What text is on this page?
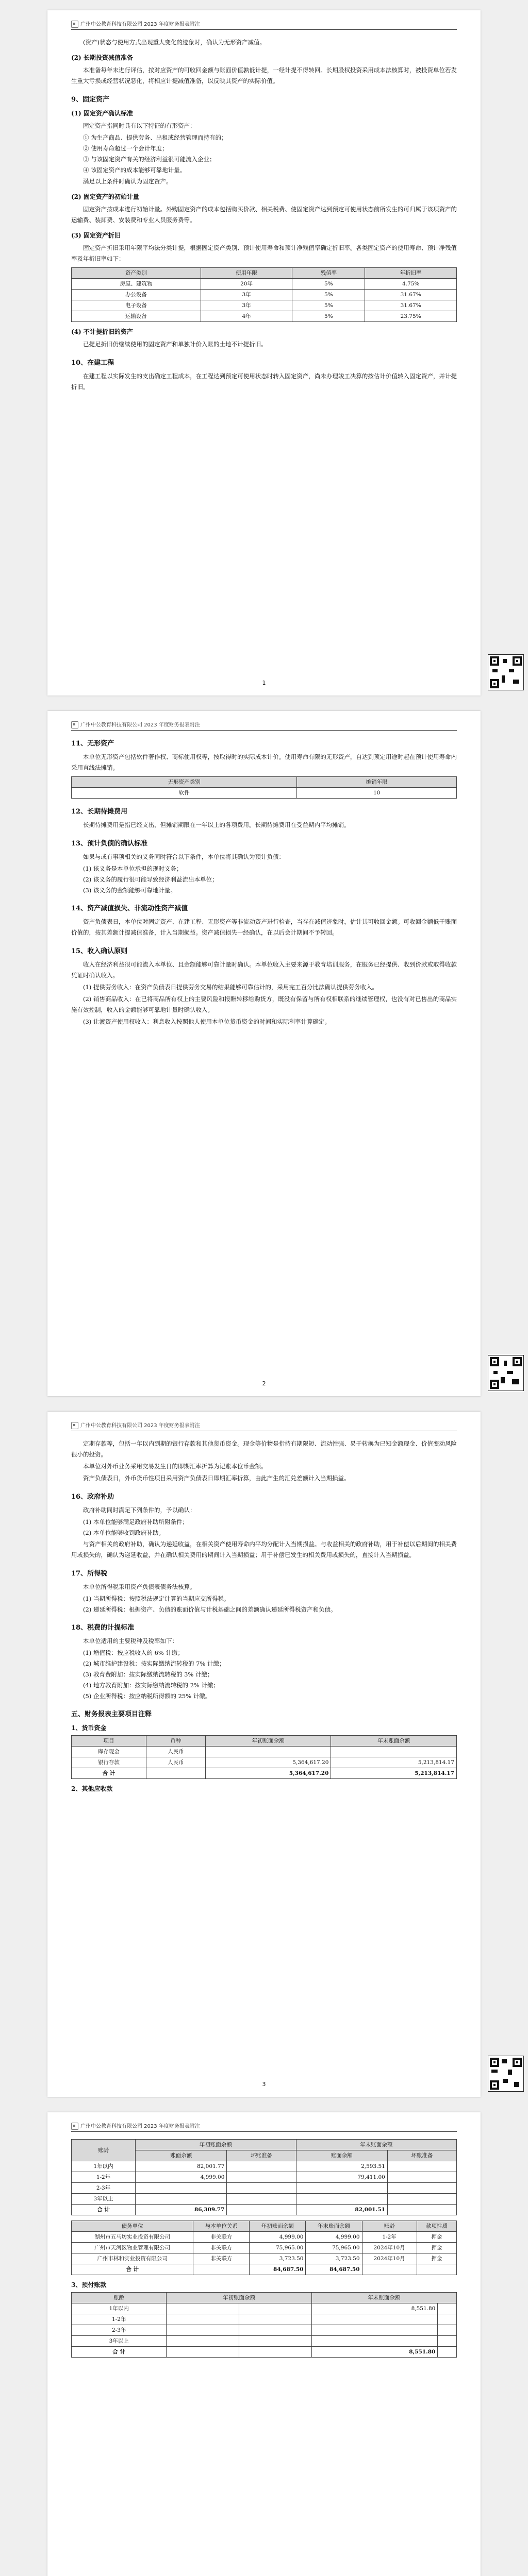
广州中公教育科技有限公司 2023 年度财务报表附注

(资产)状态与使用方式出现重大变化的迹象时，确认为无形资产减值。

(2) 长期投资减值准备

本准备每年末进行评估，按对应资产的可收回金额与账面价值孰低计提，一经计提不得转回。长期股权投资采用成本法核算时，被投资单位若发生重大亏损或经营状况恶化，将相应计提减值准备，以反映其资产的实际价值。

9、固定资产
(1) 固定资产确认标准

固定资产指同时具有以下特征的有形资产：

① 为生产商品、提供劳务、出租或经营管理而持有的；

② 使用寿命超过一个会计年度；

③ 与该固定资产有关的经济利益很可能流入企业；

④ 该固定资产的成本能够可靠地计量。

满足以上条件时确认为固定资产。

(2) 固定资产的初始计量

固定资产按成本进行初始计量。外购固定资产的成本包括购买价款、相关税费、使固定资产达到预定可使用状态前所发生的可归属于该项资产的运输费、装卸费、安装费和专业人员服务费等。

(3) 固定资产折旧

固定资产折旧采用年限平均法分类计提，根据固定资产类别、预计使用寿命和预计净残值率确定折旧率。各类固定资产的使用寿命、预计净残值率及年折旧率如下：

资产类别	使用年限	残值率	年折旧率
房屋、建筑物	20年	5%	4.75%
办公设备	3年	5%	31.67%
电子设备	3年	5%	31.67%
运输设备	4年	5%	23.75%
(4) 不计提折旧的资产

已提足折旧仍继续使用的固定资产和单独计价入账的土地不计提折旧。

10、在建工程

在建工程以实际发生的支出确定工程成本，在工程达到预定可使用状态时转入固定资产，尚未办理竣工决算的按估计价值转入固定资产，并计提折旧。

1
广州中公教育科技有限公司 2023 年度财务报表附注
11、无形资产

本单位无形资产包括软件著作权、商标使用权等，按取得时的实际成本计价。使用寿命有限的无形资产，自达到预定用途时起在预计使用寿命内采用直线法摊销。

无形资产类别	摊销年限
软件	10
12、长期待摊费用

长期待摊费用是指已经支出，但摊销期限在一年以上的各项费用。长期待摊费用在受益期内平均摊销。

13、预计负债的确认标准

如果与或有事项相关的义务同时符合以下条件，本单位将其确认为预计负债：

(1) 该义务是本单位承担的现时义务；

(2) 该义务的履行很可能导致经济利益流出本单位；

(3) 该义务的金额能够可靠地计量。

14、资产减值损失、非流动性资产减值

资产负债表日，本单位对固定资产、在建工程、无形资产等非流动资产进行检查，当存在减值迹象时，估计其可收回金额。可收回金额低于账面价值的，按其差额计提减值准备，计入当期损益。资产减值损失一经确认，在以后会计期间不予转回。

15、收入确认原则

收入在经济利益很可能流入本单位、且金额能够可靠计量时确认。本单位收入主要来源于教育培训服务，在服务已经提供、收到价款或取得收款凭证时确认收入。

(1) 提供劳务收入：在资产负债表日提供劳务交易的结果能够可靠估计的，采用完工百分比法确认提供劳务收入。

(2) 销售商品收入：在已将商品所有权上的主要风险和报酬转移给购货方，既没有保留与所有权相联系的继续管理权，也没有对已售出的商品实施有效控制，收入的金额能够可靠地计量时确认收入。

(3) 让渡资产使用权收入：利息收入按照他人使用本单位货币资金的时间和实际利率计算确定。

2
广州中公教育科技有限公司 2023 年度财务报表附注

定期存款等，包括一年以内到期的银行存款和其他货币资金。现金等价物是指持有期限短、流动性强、易于转换为已知金额现金、价值变动风险很小的投资。

本单位对外币业务采用交易发生日的即期汇率折算为记账本位币金额。

资产负债表日，外币货币性项目采用资产负债表日即期汇率折算，由此产生的汇兑差额计入当期损益。

16、政府补助

政府补助同时满足下列条件的，予以确认：

(1) 本单位能够满足政府补助所附条件；

(2) 本单位能够收到政府补助。

与资产相关的政府补助，确认为递延收益，在相关资产使用寿命内平均分配计入当期损益。与收益相关的政府补助，用于补偿以后期间的相关费用或损失的，确认为递延收益，并在确认相关费用的期间计入当期损益；用于补偿已发生的相关费用或损失的，直接计入当期损益。

17、所得税

本单位所得税采用资产负债表债务法核算。

(1) 当期所得税：按照税法规定计算的当期应交所得税。

(2) 递延所得税：根据资产、负债的账面价值与计税基础之间的差额确认递延所得税资产和负债。

18、税费的计提标准

本单位适用的主要税种及税率如下：

(1) 增值税：按应税收入的 6% 计缴；

(2) 城市维护建设税：按实际缴纳流转税的 7% 计缴；

(3) 教育费附加：按实际缴纳流转税的 3% 计缴；

(4) 地方教育附加：按实际缴纳流转税的 2% 计缴；

(5) 企业所得税：按应纳税所得额的 25% 计缴。

五、财务报表主要项目注释
1、货币资金
项目	币种	年初账面余额	年末账面余额
库存现金	人民币		
银行存款	人民币	5,364,617.20	5,213,814.17
合 计		5,364,617.20	5,213,814.17
2、其他应收款
3
广州中公教育科技有限公司 2023 年度财务报表附注
账龄	年初账面余额		年末账面余额	
	账面余额	坏账准备	账面余额	坏账准备
1年以内	82,001.77		2,593.51	
1-2年	4,999.00		79,411.00	
2-3年				
3年以上				
合 计	86,309.77		82,001.51	
债务单位	与本单位关系	年初账面余额	年末账面余额	账龄	款项性质
湖州市五马坊实业投资有限公司	非关联方	4,999.00	4,999.00	1-2年	押金
广州市天河区物业管理有限公司	非关联方	75,965.00	75,965.00	2024年10月	押金
广州市林和实业投资有限公司	非关联方	3,723.50	3,723.50	2024年10月	押金
合 计		84,687.50	84,687.50		
3、预付账款
账龄	年初账面余额		年末账面余额	
1年以内			8,551.80	
1-2年				
2-3年				
3年以上				
合 计			8,551.80	
